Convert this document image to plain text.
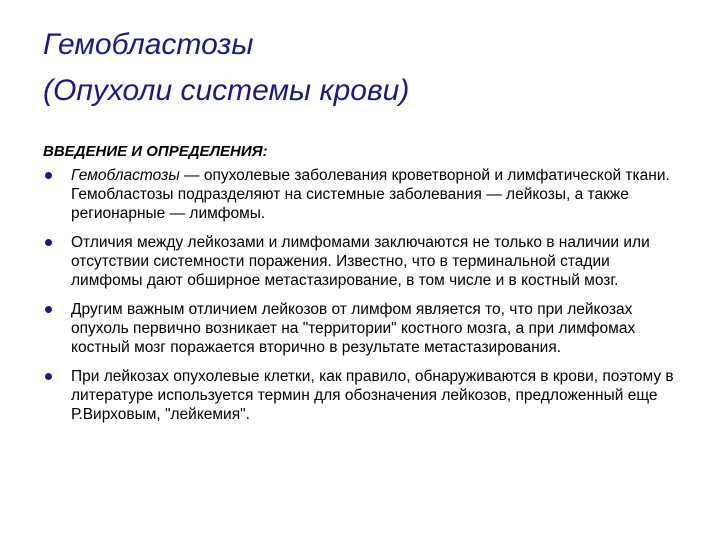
Гемобластозы
(Опухоли системы крови)
ВВЕДЕНИЕ И ОПРЕДЕЛЕНИЯ:
Гемобластозы — опухолевые заболевания кроветворной и лимфатической ткани. Гемобластозы подразделяют на системные заболевания — лейкозы, а также регионарные — лимфомы.
Отличия между лейкозами и лимфомами заключаются не только в наличии или отсутствии системности поражения. Известно, что в терминальной стадии лимфомы дают обширное метастазирование, в том числе и в костный мозг.
Другим важным отличием лейкозов от лимфом является то, что при лейкозах опухоль первично возникает на "территории" костного мозга, а при лимфомах костный мозг поражается вторично в результате метастазирования.
При лейкозах опухолевые клетки, как правило, обнаруживаются в крови, поэтому в литературе используется термин для обозначения лейкозов, предложенный еще Р.Вирховым, "лейкемия".
